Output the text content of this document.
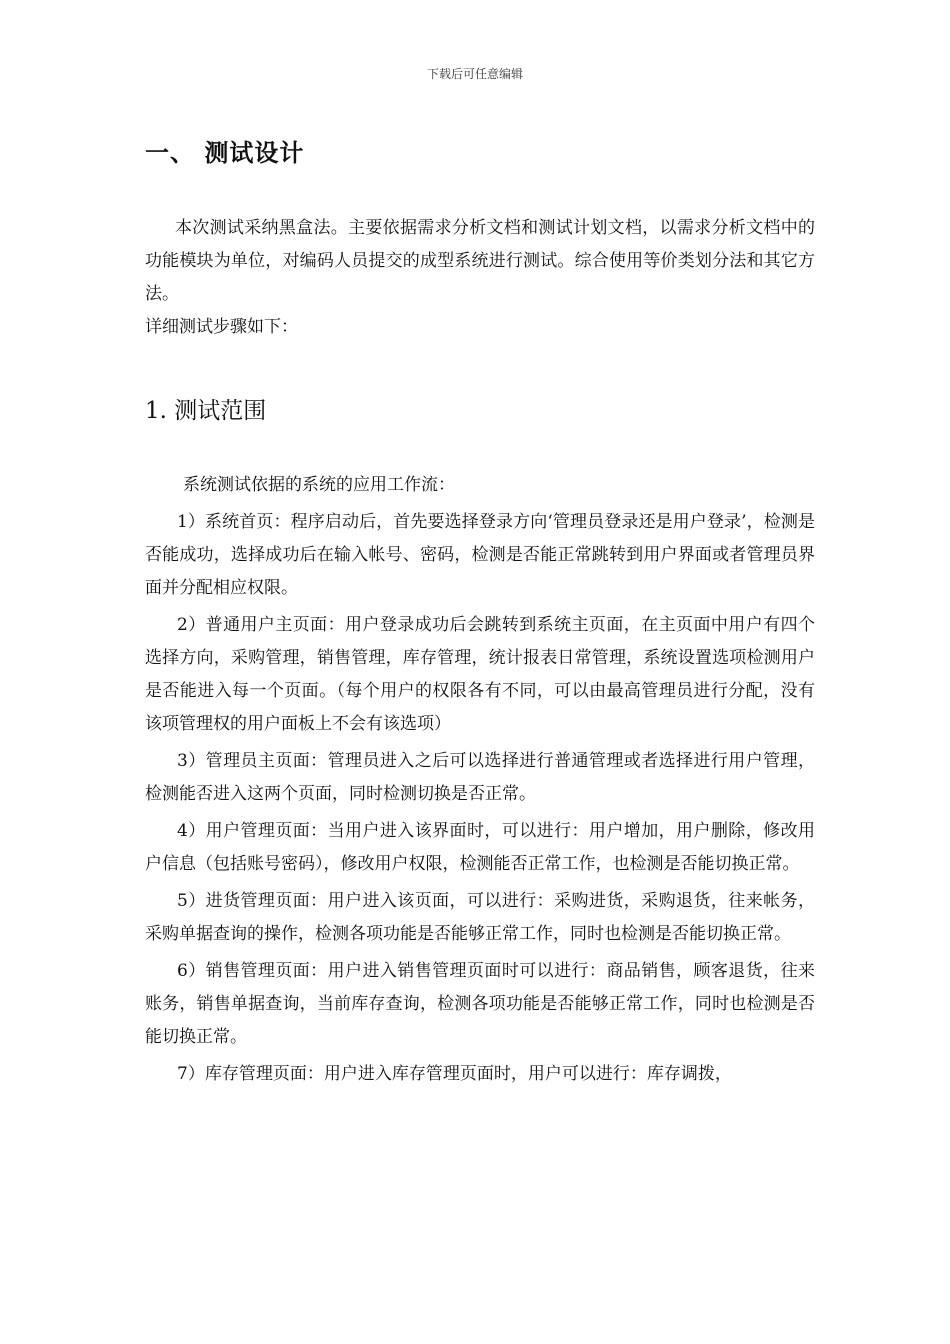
下载后可任意编辑
一、 测试设计

本次测试采纳黑盒法。主要依据需求分析文档和测试计划文档，以需求分析文档中的功能模块为单位，对编码人员提交的成型系统进行测试。综合使用等价类划分法和其它方法。

详细测试步骤如下：

1. 测试范围

系统测试依据的系统的应用工作流：

1）系统首页：程序启动后，首先要选择登录方向‘管理员登录还是用户登录’，检测是否能成功，选择成功后在输入帐号、密码，检测是否能正常跳转到用户界面或者管理员界面并分配相应权限。

2）普通用户主页面：用户登录成功后会跳转到系统主页面，在主页面中用户有四个选择方向，采购管理，销售管理，库存管理，统计报表日常管理，系统设置选项检测用户是否能进入每一个页面。（每个用户的权限各有不同，可以由最高管理员进行分配，没有该项管理权的用户面板上不会有该选项）

3）管理员主页面：管理员进入之后可以选择进行普通管理或者选择进行用户管理，检测能否进入这两个页面，同时检测切换是否正常。

4）用户管理页面：当用户进入该界面时，可以进行：用户增加，用户删除，修改用户信息（包括账号密码），修改用户权限，检测能否正常工作，也检测是否能切换正常。

5）进货管理页面：用户进入该页面，可以进行：采购进货，采购退货，往来帐务，采购单据查询的操作，检测各项功能是否能够正常工作，同时也检测是否能切换正常。

6）销售管理页面：用户进入销售管理页面时可以进行：商品销售，顾客退货，往来账务，销售单据查询，当前库存查询，检测各项功能是否能够正常工作，同时也检测是否能切换正常。

7）库存管理页面：用户进入库存管理页面时，用户可以进行：库存调拨，
